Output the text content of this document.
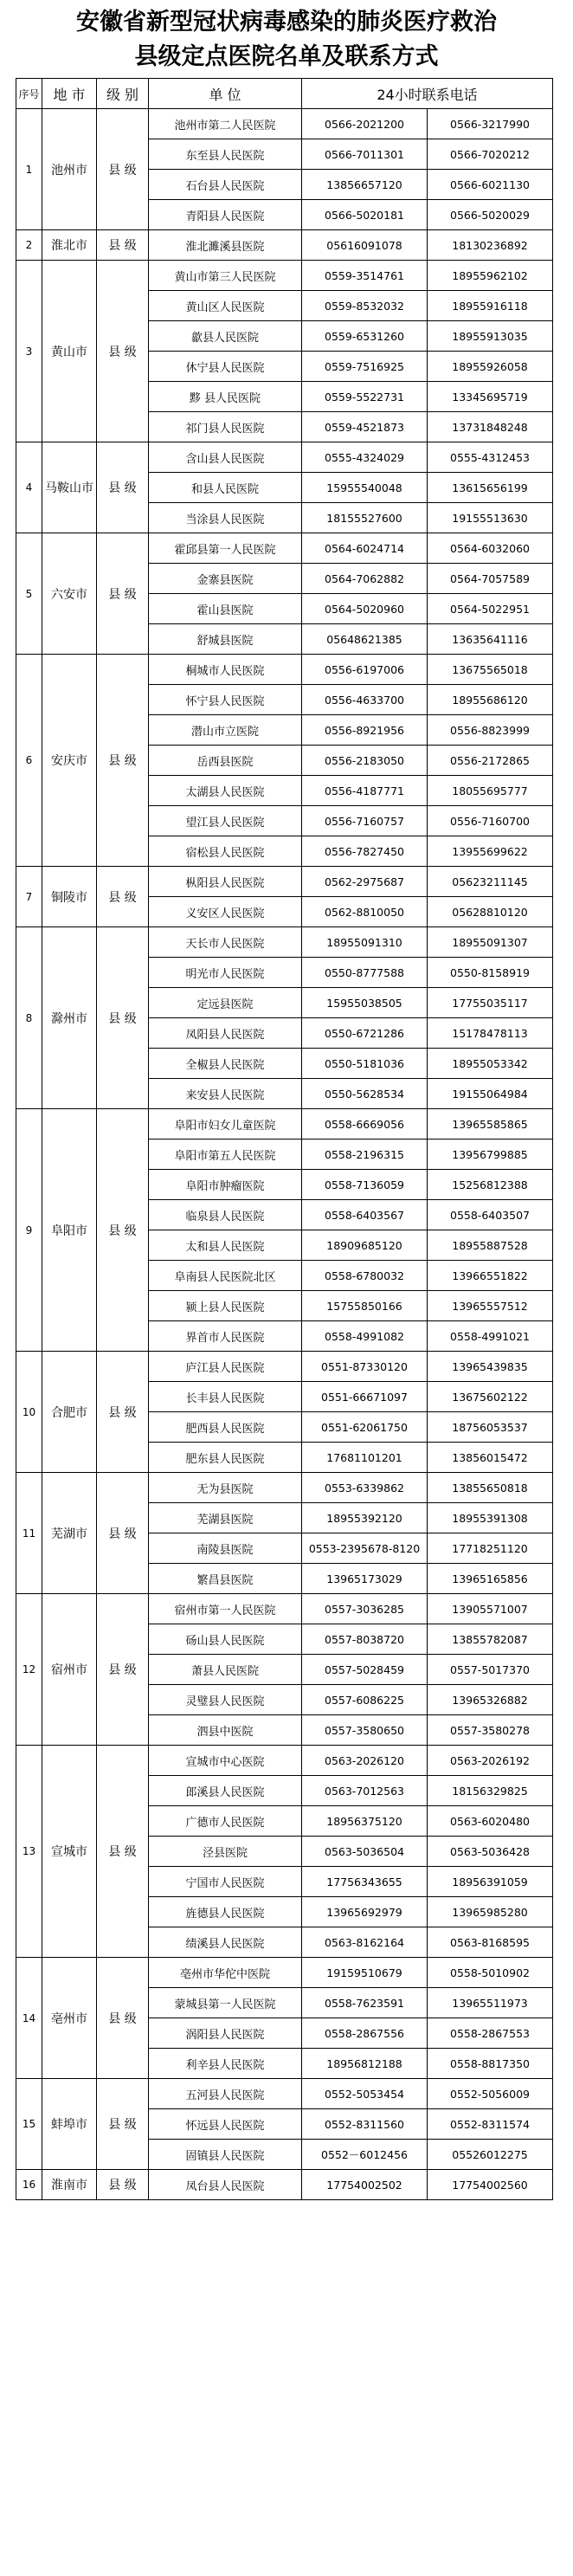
安徽省新型冠状病毒感染的肺炎医疗救治
县级定点医院名单及联系方式
序号	地 市	级 别	单 位	24小时联系电话	
1	池州市	县 级	池州市第二人民医院	0566-2021200	0566-3217990
			东至县人民医院	0566-7011301	0566-7020212
			石台县人民医院	13856657120	0566-6021130
			青阳县人民医院	0566-5020181	0566-5020029
2	淮北市	县 级	淮北濉溪县医院	05616091078	18130236892
3	黄山市	县 级	黄山市第三人民医院	0559-3514761	18955962102
			黄山区人民医院	0559-8532032	18955916118
			歙县人民医院	0559-6531260	18955913035
			休宁县人民医院	0559-7516925	18955926058
			黟 县人民医院	0559-5522731	13345695719
			祁门县人民医院	0559-4521873	13731848248
4	马鞍山市	县 级	含山县人民医院	0555-4324029	0555-4312453
			和县人民医院	15955540048	13615656199
			当涂县人民医院	18155527600	19155513630
5	六安市	县 级	霍邱县第一人民医院	0564-6024714	0564-6032060
			金寨县医院	0564-7062882	0564-7057589
			霍山县医院	0564-5020960	0564-5022951
			舒城县医院	05648621385	13635641116
6	安庆市	县 级	桐城市人民医院	0556-6197006	13675565018
			怀宁县人民医院	0556-4633700	18955686120
			潜山市立医院	0556-8921956	0556-8823999
			岳西县医院	0556-2183050	0556-2172865
			太湖县人民医院	0556-4187771	18055695777
			望江县人民医院	0556-7160757	0556-7160700
			宿松县人民医院	0556-7827450	13955699622
7	铜陵市	县 级	枞阳县人民医院	0562-2975687	05623211145
			义安区人民医院	0562-8810050	05628810120
8	滁州市	县 级	天长市人民医院	18955091310	18955091307
			明光市人民医院	0550-8777588	0550-8158919
			定远县医院	15955038505	17755035117
			凤阳县人民医院	0550-6721286	15178478113
			全椒县人民医院	0550-5181036	18955053342
			来安县人民医院	0550-5628534	19155064984
9	阜阳市	县 级	阜阳市妇女儿童医院	0558-6669056	13965585865
			阜阳市第五人民医院	0558-2196315	13956799885
			阜阳市肿瘤医院	0558-7136059	15256812388
			临泉县人民医院	0558-6403567	0558-6403507
			太和县人民医院	18909685120	18955887528
			阜南县人民医院北区	0558-6780032	13966551822
			颍上县人民医院	15755850166	13965557512
			界首市人民医院	0558-4991082	0558-4991021
10	合肥市	县 级	庐江县人民医院	0551-87330120	13965439835
			长丰县人民医院	0551-66671097	13675602122
			肥西县人民医院	0551-62061750	18756053537
			肥东县人民医院	17681101201	13856015472
11	芜湖市	县 级	无为县医院	0553-6339862	13855650818
			芜湖县医院	18955392120	18955391308
			南陵县医院	0553-2395678-8120	17718251120
			繁昌县医院	13965173029	13965165856
12	宿州市	县 级	宿州市第一人民医院	0557-3036285	13905571007
			砀山县人民医院	0557-8038720	13855782087
			萧县人民医院	0557-5028459	0557-5017370
			灵璧县人民医院	0557-6086225	13965326882
			泗县中医院	0557-3580650	0557-3580278
13	宣城市	县 级	宣城市中心医院	0563-2026120	0563-2026192
			郎溪县人民医院	0563-7012563	18156329825
			广德市人民医院	18956375120	0563-6020480
			泾县医院	0563-5036504	0563-5036428
			宁国市人民医院	17756343655	18956391059
			旌德县人民医院	13965692979	13965985280
			绩溪县人民医院	0563-8162164	0563-8168595
14	亳州市	县 级	亳州市华佗中医院	19159510679	0558-5010902
			蒙城县第一人民医院	0558-7623591	13965511973
			涡阳县人民医院	0558-2867556	0558-2867553
			利辛县人民医院	18956812188	0558-8817350
15	蚌埠市	县 级	五河县人民医院	0552-5053454	0552-5056009
			怀远县人民医院	0552-8311560	0552-8311574
			固镇县人民医院	0552－6012456	05526012275
16	淮南市	县 级	凤台县人民医院	17754002502	17754002560
